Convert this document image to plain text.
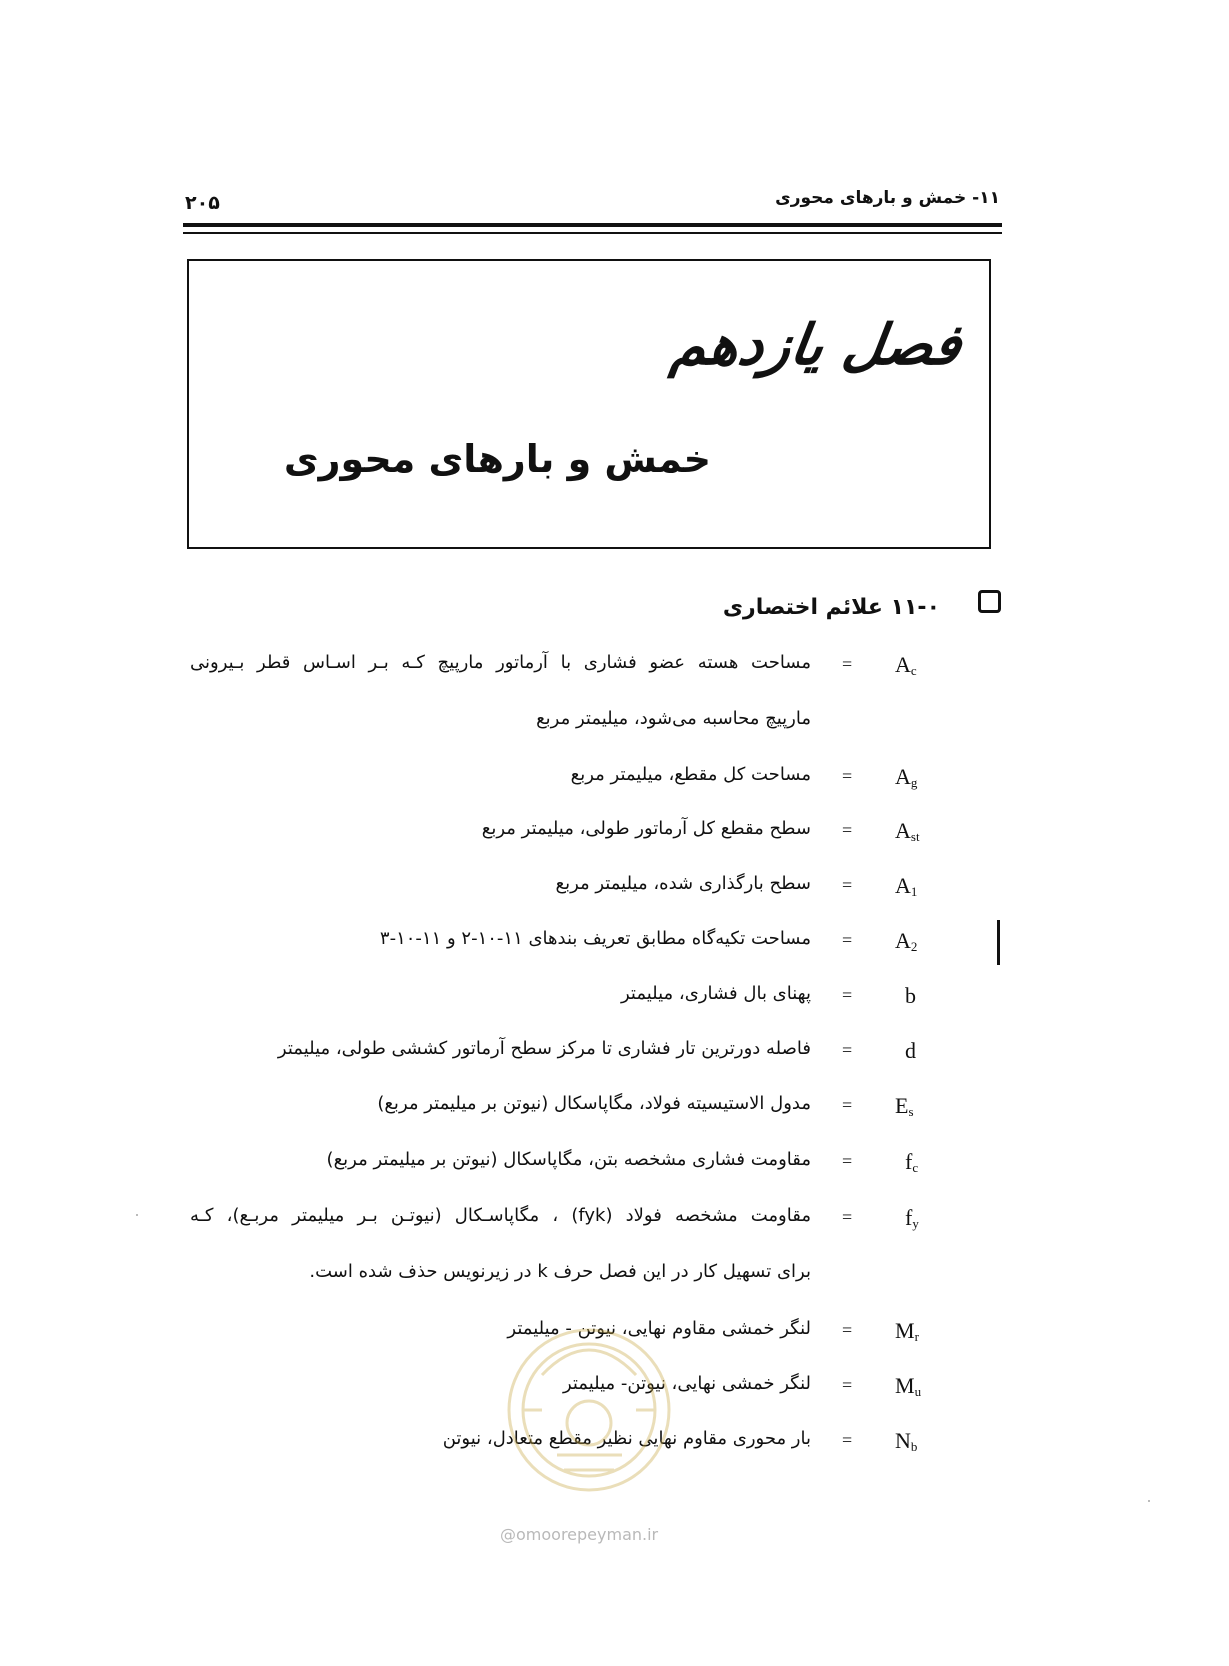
۱۱- خمش و بارهای محوری
۲۰۵
فصل یازدهم
خمش و بارهای محوری
۱۱-۰ علائم اختصاری
$A_c$
=
مساحت هسته عضو فشاری با آرماتور مارپیچ کـه بـر اسـاس قطر بـیرونی
مارپیچ محاسبه می‌شود، میلیمتر مربع
$A_g$
=
مساحت کل مقطع، میلیمتر مربع
$A_{st}$
=
سطح مقطع کل آرماتور طولی، میلیمتر مربع
$A_1$
=
سطح بارگذاری شده، میلیمتر مربع
$A_2$
=
مساحت تکیه‌گاه مطابق تعریف بندهای ۱۱-۱۰-۲ و ۱۱-۱۰-۳
b
=
پهنای بال فشاری، میلیمتر
d
=
فاصله دورترین تار فشاری تا مرکز سطح آرماتور کششی طولی، میلیمتر
$E_s$
=
مدول الاستیسیته فولاد، مگاپاسکال (نیوتن بر میلیمتر مربع)
$f_c$
=
مقاومت فشاری مشخصه بتن، مگاپاسکال (نیوتن بر میلیمتر مربع)
$f_y$
=
مقاومت مشخصه فولاد (fyk) ، مگاپاسـکال (نیوتـن بـر میلیمتر مربـع)، کـه
برای تسهیل کار در این فصل حرف k در زیرنویس حذف شده است.
$M_r$
=
لنگر خمشی مقاوم نهایی، نیوتن - میلیمتر
$M_u$
=
لنگر خمشی نهایی، نیوتن- میلیمتر
$N_b$
=
بار محوری مقاوم نهایی نظیر مقطع متعادل، نیوتن
@omoorepeyman.ir
